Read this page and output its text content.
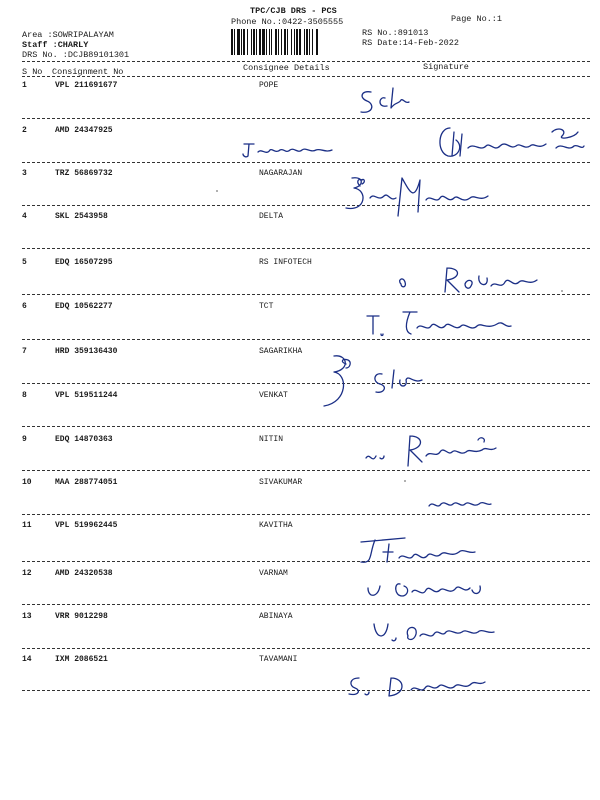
TPC/CJB DRS - PCS
Phone No.:0422-3505555	Page No.:1
Area :SOWRIPALAYAM
Staff :CHARLY
DRS No. :DCJB89101301
RS No.:891013
RS Date:14-Feb-2022
S No Consignment No	Consignee Details	Signature
1	VPL 211691677	POPE
2	AMD 24347925
3	TRZ 56869732	NAGARAJAN
4	SKL 2543958	DELTA
5	EDQ 16507295	RS INFOTECH
6	EDQ 10562277	TCT
7	HRD 359136430	SAGARIKHA
8	VPL 519511244	VENKAT
9	EDQ 14870363	NITIN
10	MAA 288774051	SIVAKUMAR
11	VPL 519962445	KAVITHA
12	AMD 24320538	VARNAM
13	VRR 9012298	ABINAYA
14	IXM 2086521	TAVAMANI
